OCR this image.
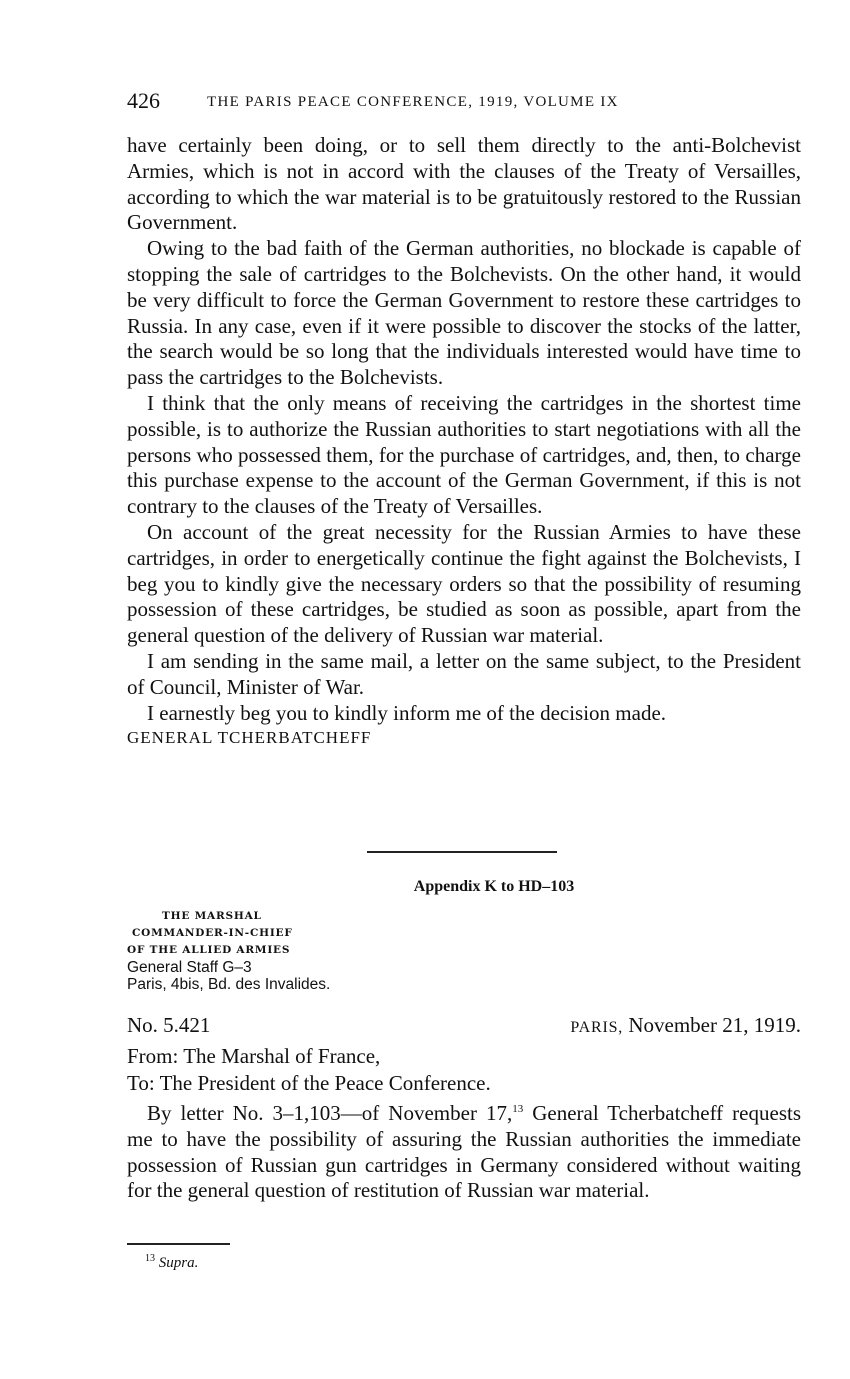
426	THE PARIS PEACE CONFERENCE, 1919, VOLUME IX

have certainly been doing, or to sell them directly to the anti-Bolchevist Armies, which is not in accord with the clauses of the Treaty of Versailles, according to which the war material is to be gratuitously restored to the Russian Government.

Owing to the bad faith of the German authorities, no blockade is capable of stopping the sale of cartridges to the Bolchevists. On the other hand, it would be very difficult to force the German Government to restore these cartridges to Russia. In any case, even if it were possible to discover the stocks of the latter, the search would be so long that the individuals interested would have time to pass the cartridges to the Bolchevists.

I think that the only means of receiving the cartridges in the shortest time possible, is to authorize the Russian authorities to start negotiations with all the persons who possessed them, for the purchase of cartridges, and, then, to charge this purchase expense to the account of the German Government, if this is not contrary to the clauses of the Treaty of Versailles.

On account of the great necessity for the Russian Armies to have these cartridges, in order to energetically continue the fight against the Bolchevists, I beg you to kindly give the necessary orders so that the possibility of resuming possession of these cartridges, be studied as soon as possible, apart from the general question of the delivery of Russian war material.

I am sending in the same mail, a letter on the same subject, to the President of Council, Minister of War.

I earnestly beg you to kindly inform me of the decision made.

GENERAL TCHERBATCHEFF

Appendix K to HD–103

THE MARSHAL

COMMANDER-IN-CHIEF

OF THE ALLIED ARMIES

General Staff G–3

Paris, 4bis, Bd. des Invalides.

No. 5.421	PARIS, November 21, 1919.

From: The Marshal of France,

To: The President of the Peace Conference.

By letter No. 3–1,103—of November 17,13 General Tcherbatcheff requests me to have the possibility of assuring the Russian authorities the immediate possession of Russian gun cartridges in Germany considered without waiting for the general question of restitution of Russian war material.

$^{13}$ Supra.
